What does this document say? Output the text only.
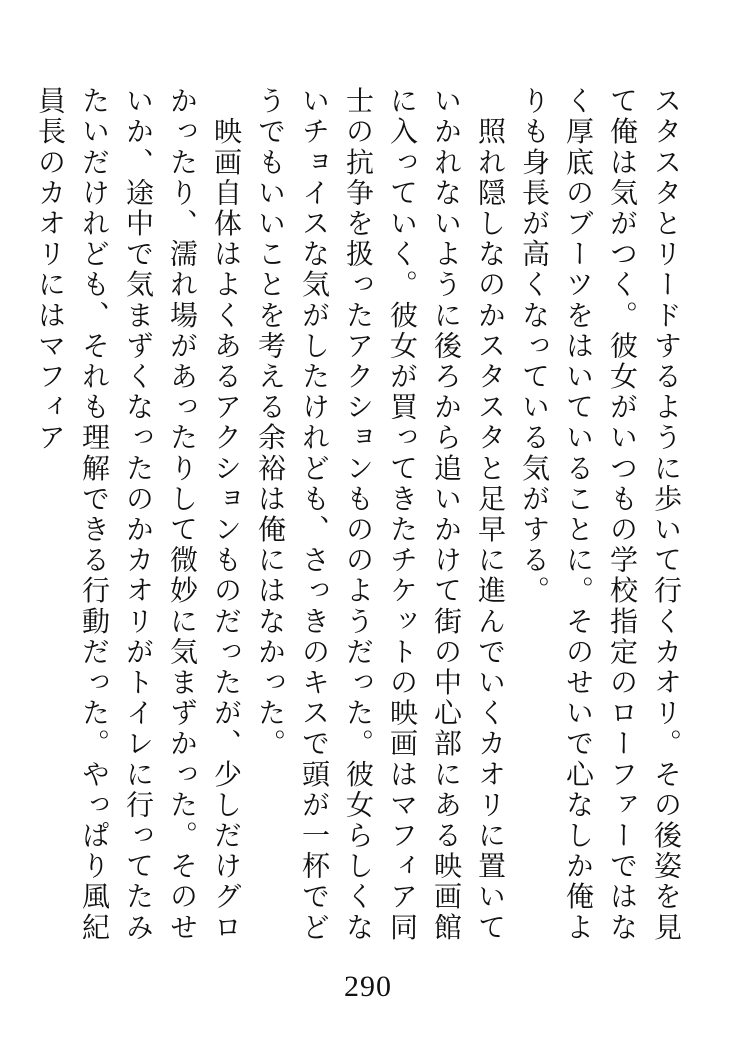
スタスタとリードするように歩いて行くカオリ。その後姿を見て俺は気がつく。彼女がいつもの学校指定のローファーではなく厚底のブーツをはいていることに。そのせいで心なしか俺よりも身長が高くなっている気がする。

　照れ隠しなのかスタスタと足早に進んでいくカオリに置いていかれないように後ろから追いかけて街の中心部にある映画館に入っていく。彼女が買ってきたチケットの映画はマフィア同士の抗争を扱ったアクションもののようだった。彼女らしくないチョイスな気がしたけれども、さっきのキスで頭が一杯でどうでもいいことを考える余裕は俺にはなかった。

　映画自体はよくあるアクションものだったが、少しだけグロかったり、濡れ場があったりして微妙に気まずかった。そのせいか、途中で気まずくなったのかカオリがトイレに行ってたみたいだけれども、それも理解できる行動だった。やっぱり風紀員長のカオリにはマフィア

290
